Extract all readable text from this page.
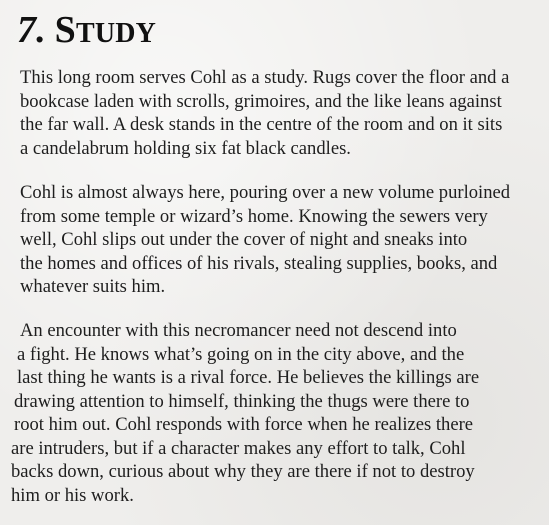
7. STUDY

This long room serves Cohl as a study. Rugs cover the floor and a
bookcase laden with scrolls, grimoires, and the like leans against
the far wall. A desk stands in the centre of the room and on it sits
a candelabrum holding six fat black candles.

Cohl is almost always here, pouring over a new volume purloined
from some temple or wizard’s home. Knowing the sewers very
well, Cohl slips out under the cover of night and sneaks into
the homes and offices of his rivals, stealing supplies, books, and
whatever suits him.

An encounter with this necromancer need not descend into
a fight. He knows what’s going on in the city above, and the
last thing he wants is a rival force. He believes the killings are
drawing attention to himself, thinking the thugs were there to
root him out. Cohl responds with force when he realizes there
are intruders, but if a character makes any effort to talk, Cohl
backs down, curious about why they are there if not to destroy
him or his work.
